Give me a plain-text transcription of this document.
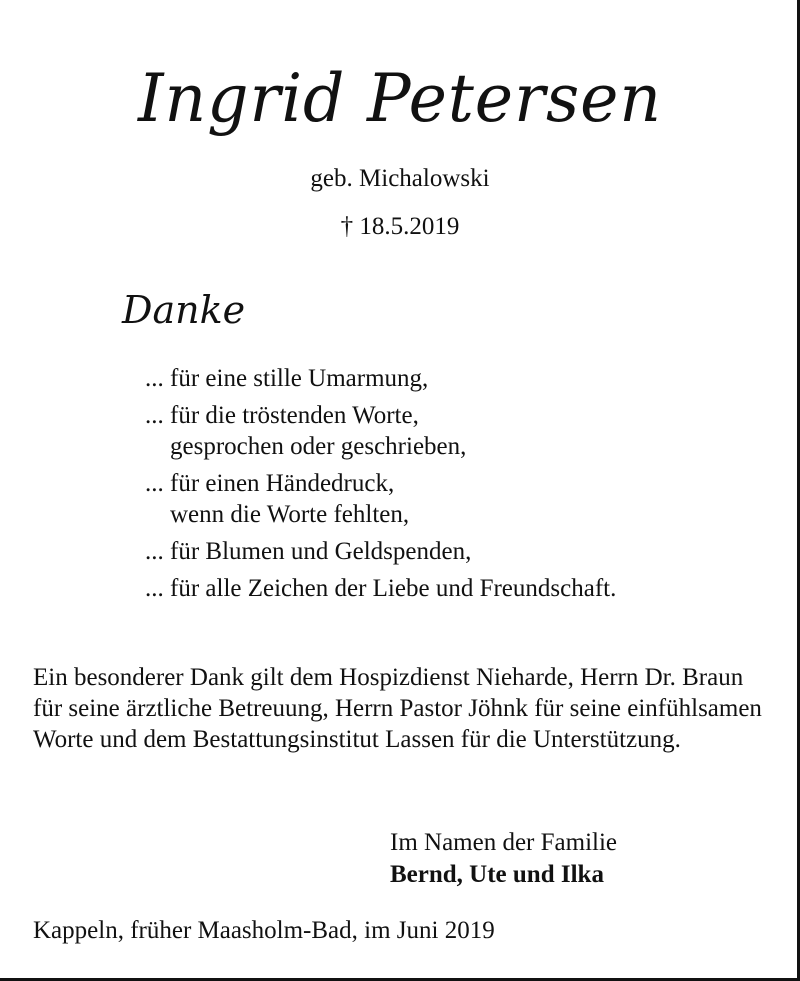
Ingrid Petersen
geb. Michalowski
† 18.5.2019
Danke
... für eine stille Umarmung,
... für die tröstenden Worte,
gesprochen oder geschrieben,
... für einen Händedruck,
wenn die Worte fehlten,
... für Blumen und Geldspenden,
... für alle Zeichen der Liebe und Freundschaft.

Ein besonderer Dank gilt dem Hospizdienst Nieharde, Herrn Dr. Braun für seine ärztliche Betreuung, Herrn Pastor Jöhnk für seine einfühlsamen Worte und dem Bestattungsinstitut Lassen für die Unterstützung.

Im Namen der Familie
Bernd, Ute und Ilka
Kappeln, früher Maasholm-Bad, im Juni 2019
